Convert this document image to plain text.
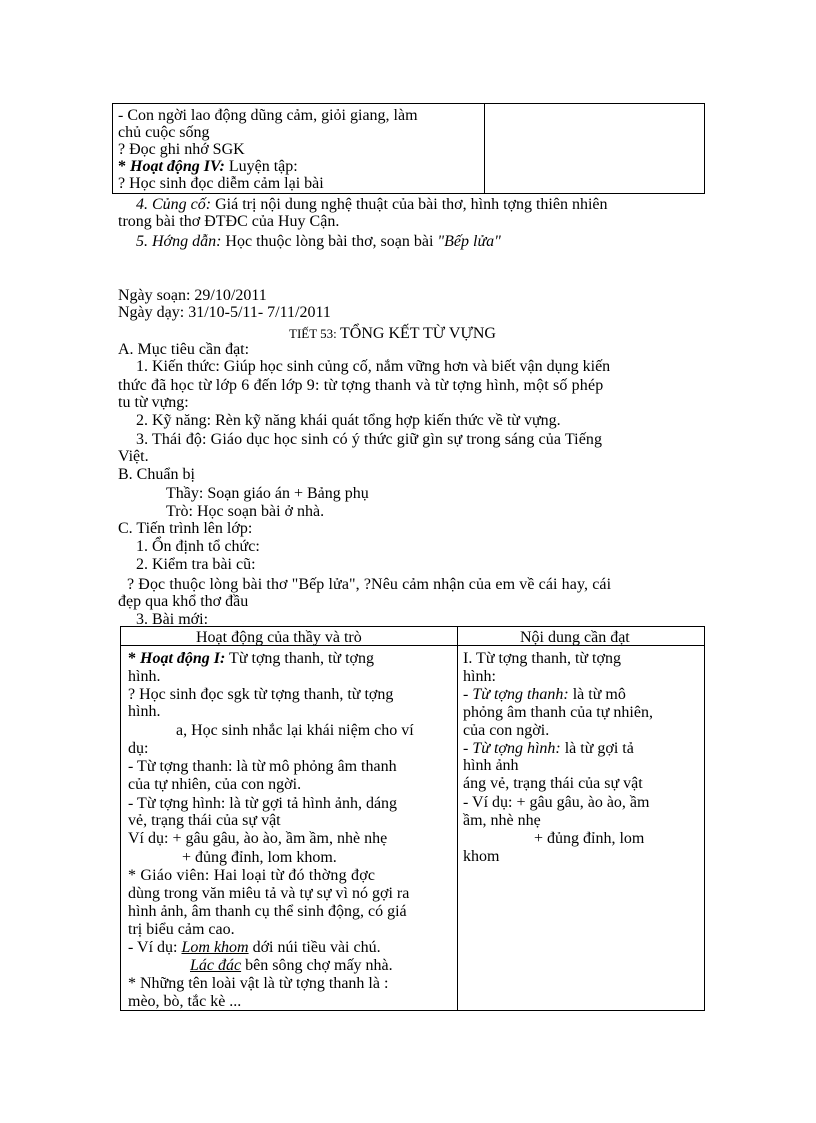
- Con ngời lao động dũng cảm, giỏi giang, làm
chủ cuộc sống
? Đọc ghi nhớ SGK
* Hoạt động IV: Luyện tập:
? Học sinh đọc diễm cảm lại bài
4. Củng cố: Giá trị nội dung nghệ thuật của bài thơ, hình tợng thiên nhiên
trong bài thơ ĐTĐC của Huy Cận.
5. Hớng dẫn: Học thuộc lòng bài thơ, soạn bài "Bếp lửa"
Ngày soạn: 29/10/2011
Ngày dạy: 31/10-5/11- 7/11/2011
TIẾT 53: TỔNG KẾT TỪ VỰNG
A. Mục tiêu cần đạt:
1. Kiến thức: Giúp học sinh củng cố, nắm vững hơn và biết vận dụng kiến
thức đã học từ lớp 6 đến lớp 9: từ tợng thanh và từ tợng hình, một số phép
tu từ vựng:
2. Kỹ năng: Rèn kỹ năng khái quát tổng hợp kiến thức về từ vựng.
3. Thái độ: Giáo dục học sinh có ý thức giữ gìn sự trong sáng của Tiếng
Việt.
B. Chuẩn bị
Thầy: Soạn giáo án + Bảng phụ
Trò: Học soạn bài ở nhà.
C. Tiến trình lên lớp:
1. Ổn định tổ chức:
2. Kiểm tra bài cũ:
? Đọc thuộc lòng bài thơ "Bếp lửa", ?Nêu cảm nhận của em về cái hay, cái
đẹp qua khổ thơ đầu
3. Bài mới:
Hoạt động của thầy và trò	Nội dung cần đạt
* Hoạt động I: Từ tợng thanh, từ tợng
hình.
? Học sinh đọc sgk từ tợng thanh, từ tợng
hình.
a, Học sinh nhắc lại khái niệm cho ví
dụ:
- Từ tợng thanh: là từ mô phỏng âm thanh
của tự nhiên, của con ngời.
- Từ tợng hình: là từ gợi tả hình ảnh, dáng
vẻ, trạng thái của sự vật
Ví dụ: + gâu gâu, ào ào, ầm ầm, nhè nhẹ
+ đủng đỉnh, lom khom.
* Giáo viên: Hai loại từ đó thờng đợc
dùng trong văn miêu tả và tự sự vì nó gợi ra
hình ảnh, âm thanh cụ thể sinh động, có giá
trị biểu cảm cao.
- Ví dụ: Lom khom dới núi tiều vài chú.
Lác đác bên sông chợ mấy nhà.
* Những tên loài vật là từ tợng thanh là :
mèo, bò, tắc kè ...
I. Từ tợng thanh, từ tợng
hình:
- Từ tợng thanh: là từ mô
phỏng âm thanh của tự nhiên,
của con ngời.
- Từ tợng hình: là từ gợi tả
hình ảnh
áng vẻ, trạng thái của sự vật
- Ví dụ: + gâu gâu, ào ào, ầm
ầm, nhè nhẹ
+ đủng đỉnh, lom
khom
